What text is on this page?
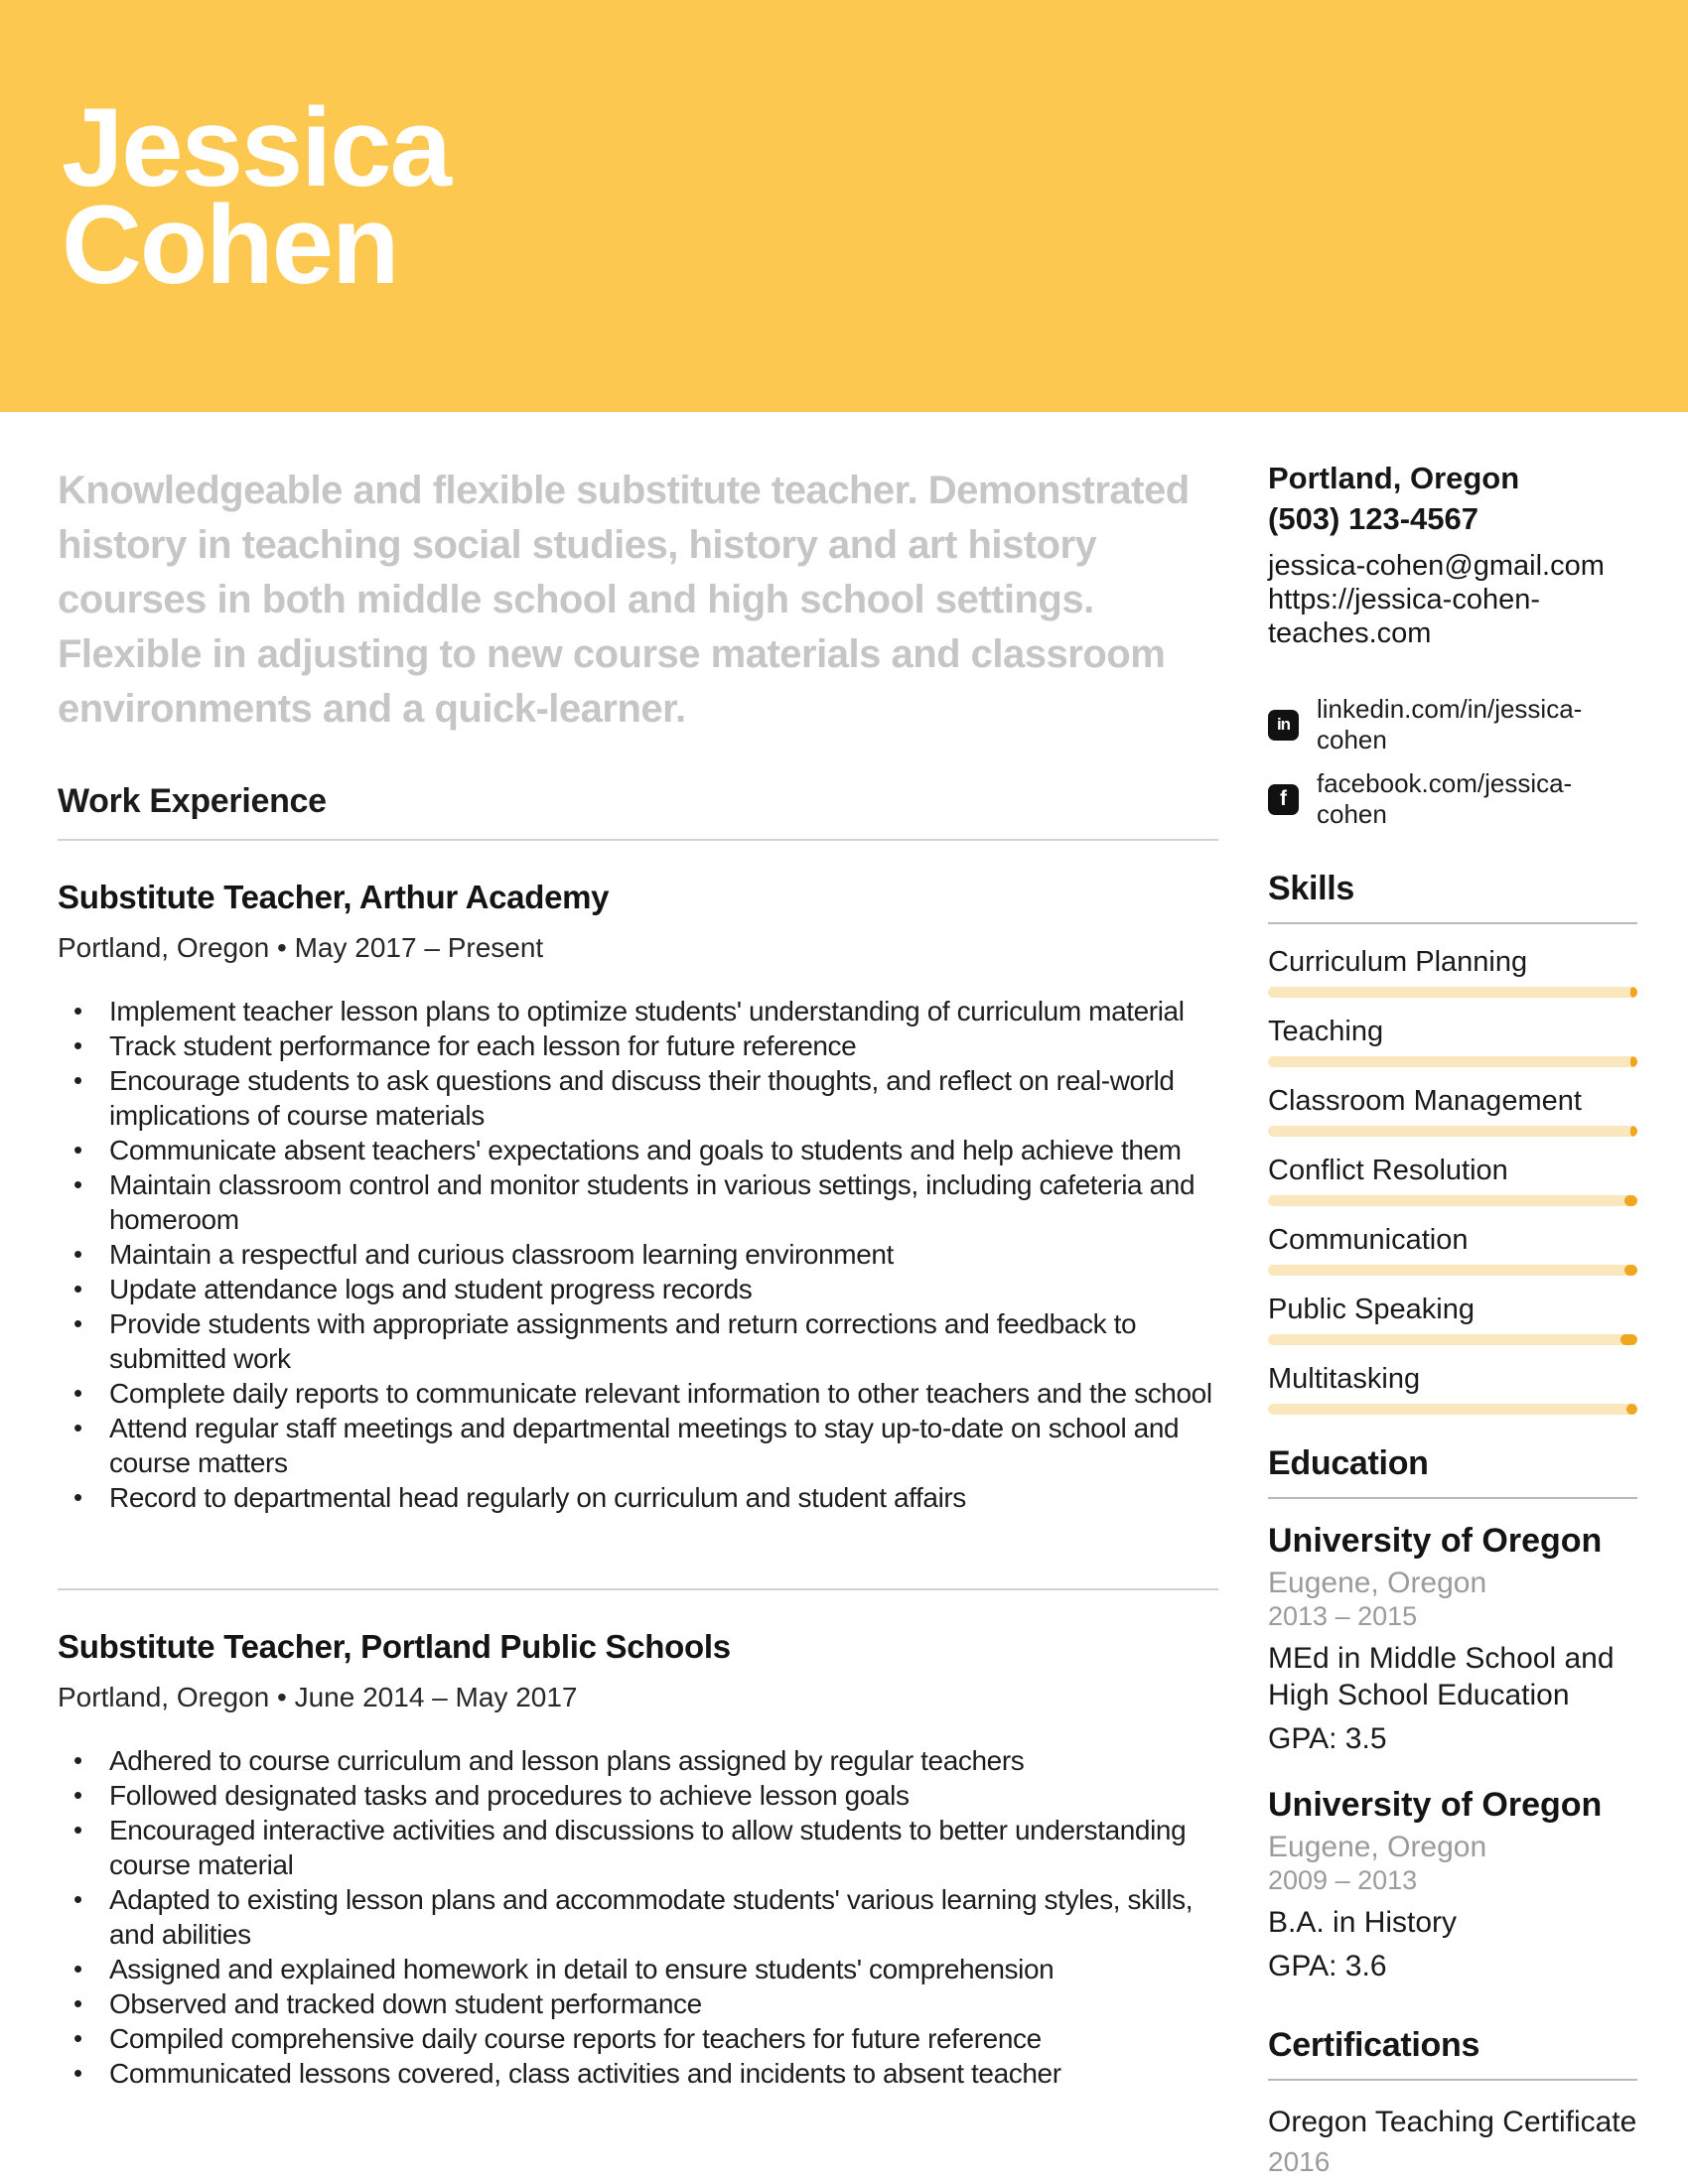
Jessica
Cohen

Knowledgeable and flexible substitute teacher. Demonstrated history in teaching social studies, history and art history courses in both middle school and high school settings. Flexible in adjusting to new course materials and classroom environments and a quick-learner.

Work Experience
Substitute Teacher, Arthur Academy
Portland, Oregon • May 2017 – Present
• Implement teacher lesson plans to optimize students' understanding of curriculum material
• Track student performance for each lesson for future reference
• Encourage students to ask questions and discuss their thoughts, and reflect on real-world implications of course materials
• Communicate absent teachers' expectations and goals to students and help achieve them
• Maintain classroom control and monitor students in various settings, including cafeteria and homeroom
• Maintain a respectful and curious classroom learning environment
• Update attendance logs and student progress records
• Provide students with appropriate assignments and return corrections and feedback to submitted work
• Complete daily reports to communicate relevant information to other teachers and the school
• Attend regular staff meetings and departmental meetings to stay up-to-date on school and course matters
• Record to departmental head regularly on curriculum and student affairs
Substitute Teacher, Portland Public Schools
Portland, Oregon • June 2014 – May 2017
• Adhered to course curriculum and lesson plans assigned by regular teachers
• Followed designated tasks and procedures to achieve lesson goals
• Encouraged interactive activities and discussions to allow students to better understanding course material
• Adapted to existing lesson plans and accommodate students' various learning styles, skills, and abilities
• Assigned and explained homework in detail to ensure students' comprehension
• Observed and tracked down student performance
• Compiled comprehensive daily course reports for teachers for future reference
• Communicated lessons covered, class activities and incidents to absent teacher
Portland, Oregon
(503) 123-4567
jessica-cohen@gmail.com
https://jessica-cohen-teaches.com
in
linkedin.com/in/jessica-cohen
f
facebook.com/jessica-cohen
Skills
Curriculum Planning
Teaching
Classroom Management
Conflict Resolution
Communication
Public Speaking
Multitasking
Education
University of Oregon
Eugene, Oregon
2013 – 2015
MEd in Middle School and High School Education
GPA: 3.5
University of Oregon
Eugene, Oregon
2009 – 2013
B.A. in History
GPA: 3.6
Certifications
Oregon Teaching Certificate
2016
